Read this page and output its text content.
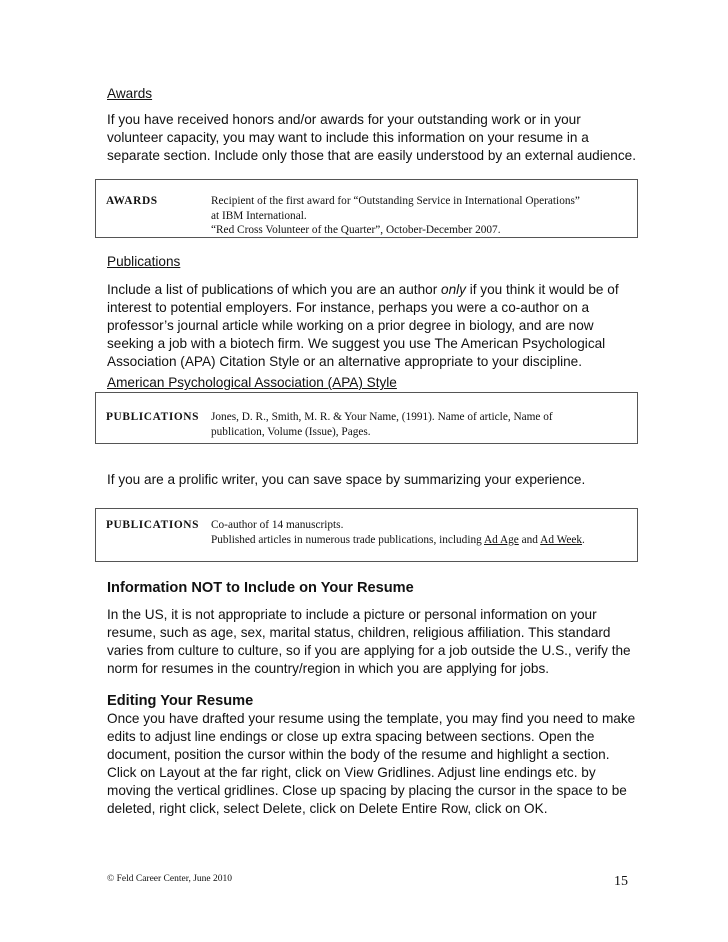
Awards

If you have received honors and/or awards for your outstanding work or in your volunteer capacity, you may want to include this information on your resume in a separate section. Include only those that are easily understood by an external audience.

AWARDS	Recipient of the first award for “Outstanding Service in International Operations”
at IBM International.
“Red Cross Volunteer of the Quarter”, October-December 2007.
Publications

Include a list of publications of which you are an author only if you think it would be of interest to potential employers. For instance, perhaps you were a co-author on a professor’s journal article while working on a prior degree in biology, and are now seeking a job with a biotech firm. We suggest you use The American Psychological Association (APA) Citation Style or an alternative appropriate to your discipline.

American Psychological Association (APA) Style
PUBLICATIONS Jones, D. R., Smith, M. R. & Your Name, (1991). Name of article, Name of
publication, Volume (Issue), Pages.

If you are a prolific writer, you can save space by summarizing your experience.

PUBLICATIONS Co-author of 14 manuscripts.
Published articles in numerous trade publications, including Ad Age and Ad Week.
Information NOT to Include on Your Resume

In the US, it is not appropriate to include a picture or personal information on your resume, such as age, sex, marital status, children, religious affiliation. This standard varies from culture to culture, so if you are applying for a job outside the U.S., verify the norm for resumes in the country/region in which you are applying for jobs.

Editing Your Resume

Once you have drafted your resume using the template, you may find you need to make edits to adjust line endings or close up extra spacing between sections. Open the document, position the cursor within the body of the resume and highlight a section. Click on Layout at the far right, click on View Gridlines. Adjust line endings etc. by moving the vertical gridlines. Close up spacing by placing the cursor in the space to be deleted, right click, select Delete, click on Delete Entire Row, click on OK.

© Feld Career Center, June 2010	15
